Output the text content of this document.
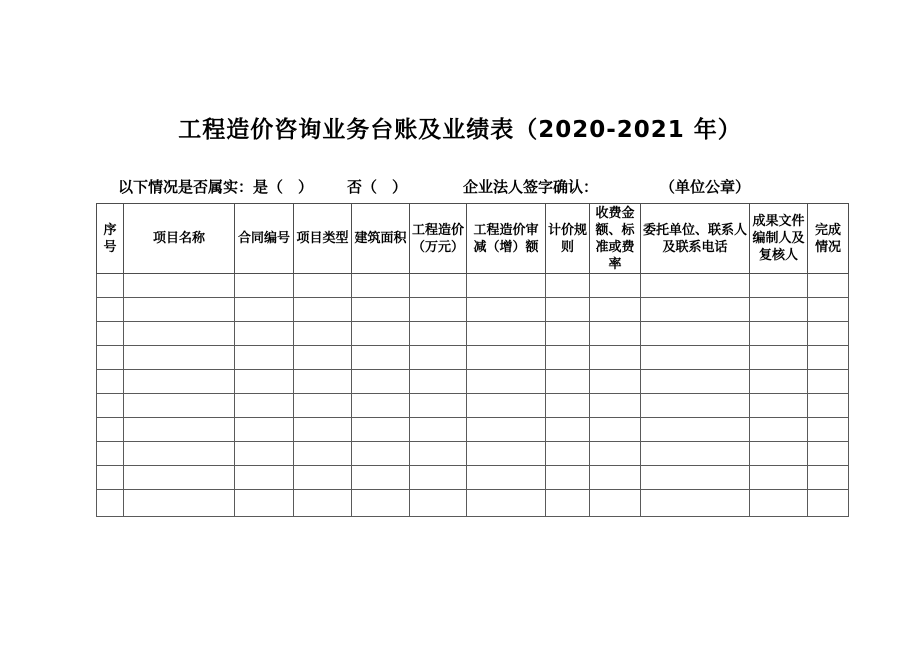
工程造价咨询业务台账及业绩表（2020-2021 年）
以下情况是否属实：是（　） 否（　）	企业法人签字确认：	（单位公章）
序号	项目名称	合同编号	项目类型	建筑面积	工程造价（万元）	工程造价审减（增）额	计价规则	收费金额、标准或费率	委托单位、联系人及联系电话	成果文件编制人及复核人	完成情况
